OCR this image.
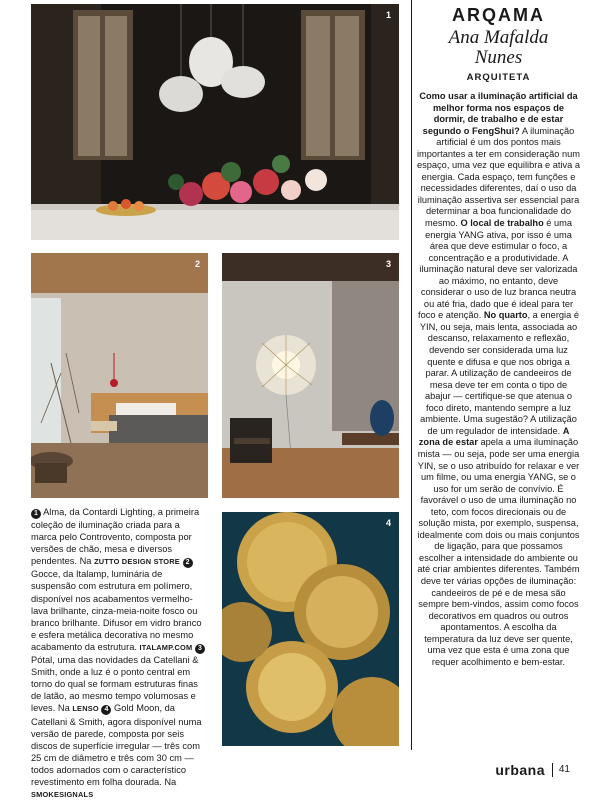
1
2	3
4

1 Alma, da Contardi Lighting, a primeira coleção de iluminação criada para a marca pelo Controvento, composta por versões de chão, mesa e diversos pendentes. Na ZUTTO DESIGN STORE 2 Gocce, da Italamp, luminária de suspensão com estrutura em polímero, disponível nos acabamentos vermelho-lava brilhante, cinza-meia-noite fosco ou branco brilhante. Difusor em vidro branco e esfera metálica decorativa no mesmo acabamento da estrutura. ITALAMP.COM 3 Pótal, uma das novidades da Catellani & Smith, onde a luz é o ponto central em torno do qual se formam estruturas finas de latão, ao mesmo tempo volumosas e leves. Na LENSO 4 Gold Moon, da Catellani & Smith, agora disponível numa versão de parede, composta por seis discos de superfície irregular — três com 25 cm de diâmetro e três com 30 cm — todos adornados com o característico revestimento em folha dourada. Na SMOKESIGNALS

ARQAMA

Ana Mafalda
Nunes

ARQUITETA

Como usar a iluminação artificial da melhor forma nos espaços de dormir, de trabalho e de estar segundo o FengShui? A iluminação artificial é um dos pontos mais importantes a ter em consideração num espaço, uma vez que equilibra e ativa a energia. Cada espaço, tem funções e necessidades diferentes, daí o uso da iluminação assertiva ser essencial para determinar a boa funcionalidade do mesmo. O local de trabalho é uma energia YANG ativa, por isso é uma área que deve estimular o foco, a concentração e a produtividade. A iluminação natural deve ser valorizada ao máximo, no entanto, deve considerar o uso de luz branca neutra ou até fria, dado que é ideal para ter foco e atenção. No quarto, a energia é YIN, ou seja, mais lenta, associada ao descanso, relaxamento e reflexão, devendo ser considerada uma luz quente e difusa e que nos obriga a parar. A utilização de candeeiros de mesa deve ter em conta o tipo de abajur — certifique-se que atenua o foco direto, mantendo sempre a luz ambiente. Uma sugestão? A utilização de um regulador de intensidade. A zona de estar apela a uma iluminação mista — ou seja, pode ser uma energia YIN, se o uso atribuído for relaxar e ver um filme, ou uma energia YANG, se o uso for um serão de convívio. É favorável o uso de uma iluminação no teto, com focos direcionais ou de solução mista, por exemplo, suspensa, idealmente com dois ou mais conjuntos de ligação, para que possamos escolher a intensidade do ambiente ou até criar ambientes diferentes. Também deve ter várias opções de iluminação: candeeiros de pé e de mesa são sempre bem-vindos, assim como focos decorativos em quadros ou outros apontamentos. A escolha da temperatura da luz deve ser quente, uma vez que esta é uma zona que requer acolhimento e bem-estar.

urbana 41
